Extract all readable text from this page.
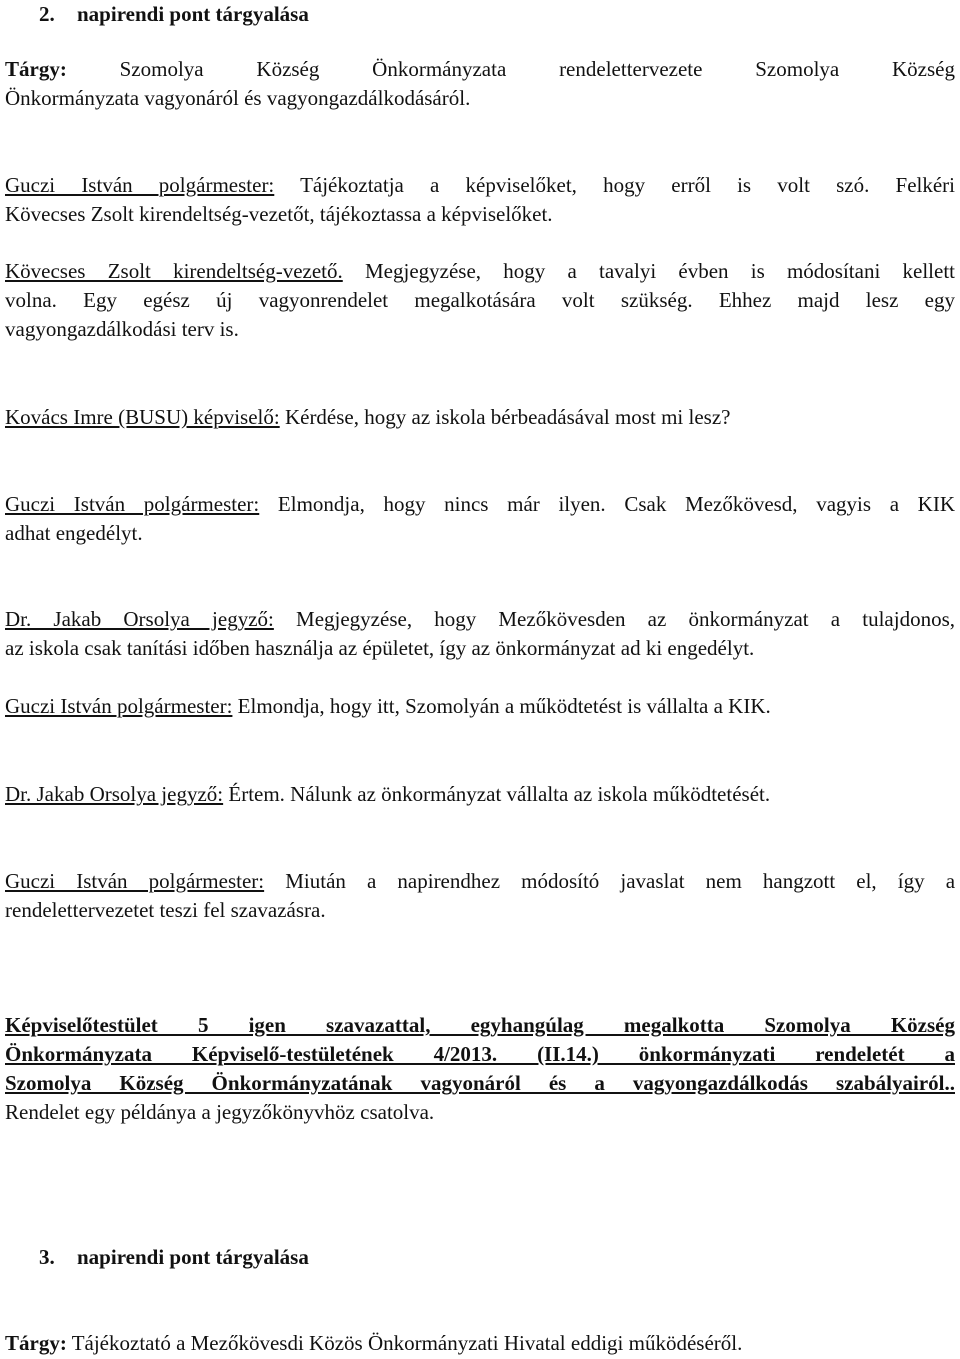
2. napirendi pont tárgyalása
Tárgy:	Szomolya Község Önkormányzata rendelettervezete Szomolya Község
Önkormányzata vagyonáról és vagyongazdálkodásáról.
Guczi István polgármester: Tájékoztatja a képviselőket, hogy erről is volt szó. Felkéri
Kövecses Zsolt kirendeltség-vezetőt, tájékoztassa a képviselőket.
Kövecses Zsolt kirendeltség-vezető. Megjegyzése, hogy a tavalyi évben is módosítani kellett
volna. Egy egész új vagyonrendelet megalkotására volt szükség. Ehhez majd lesz egy
vagyongazdálkodási terv is.
Kovács Imre (BUSU) képviselő: Kérdése, hogy az iskola bérbeadásával most mi lesz?
Guczi István polgármester: Elmondja, hogy nincs már ilyen. Csak Mezőkövesd, vagyis a KIK
adhat engedélyt.
Dr. Jakab Orsolya jegyző: Megjegyzése, hogy Mezőkövesden az önkormányzat a tulajdonos,
az iskola csak tanítási időben használja az épületet, így az önkormányzat ad ki engedélyt.
Guczi István polgármester: Elmondja, hogy itt, Szomolyán a működtetést is vállalta a KIK.
Dr. Jakab Orsolya jegyző: Értem. Nálunk az önkormányzat vállalta az iskola működtetését.
Guczi István polgármester: Miután a napirendhez módosító javaslat nem hangzott el, így a
rendelettervezetet teszi fel szavazásra.
Képviselőtestület 5 igen szavazattal, egyhangúlag megalkotta Szomolya Község
Önkormányzata Képviselő-testületének 4/2013. (II.14.) önkormányzati rendeletét a
Szomolya Község Önkormányzatának vagyonáról és a vagyongazdálkodás szabályairól..
Rendelet egy példánya a jegyzőkönyvhöz csatolva.
3. napirendi pont tárgyalása
Tárgy: Tájékoztató a Mezőkövesdi Közös Önkormányzati Hivatal eddigi működéséről.
